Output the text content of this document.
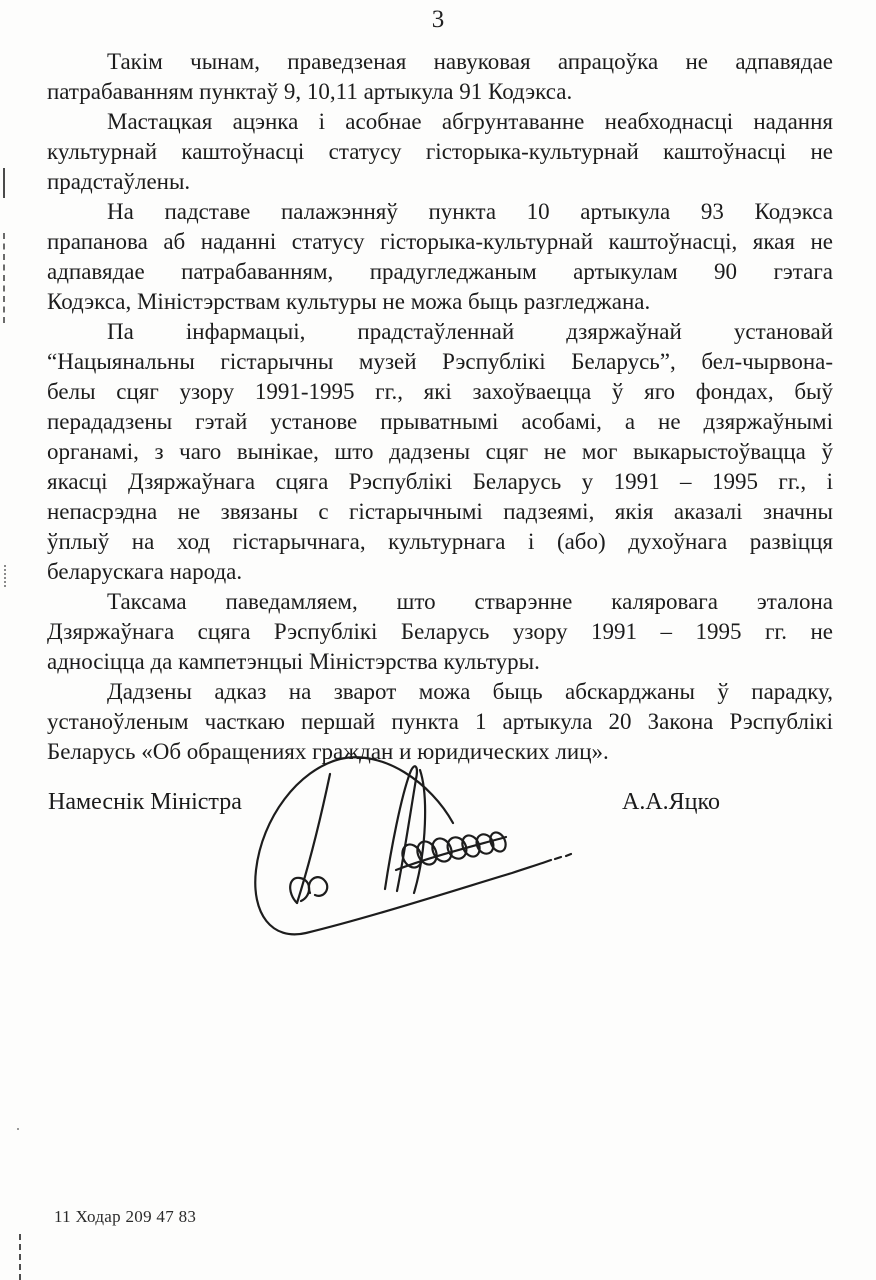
3
Такім чынам, праведзеная навуковая апрацоўка не адпавядае
патрабаванням пунктаў 9, 10,11 артыкула 91 Кодэкса.
Мастацкая ацэнка і асобнае абгрунтаванне неабходнасці надання
культурнай каштоўнасці статусу гісторыка-культурнай каштоўнасці не
прадстаўлены.
На падставе палажэнняў пункта 10 артыкула 93 Кодэкса
прапанова аб наданні статусу гісторыка-культурнай каштоўнасці, якая не
адпавядае патрабаванням, прадугледжаным артыкулам 90 гэтага
Кодэкса, Міністэрствам культуры не можа быць разгледжана.
Па інфармацыі, прадстаўленнай дзяржаўнай установай
“Нацыянальны гістарычны музей Рэспублікі Беларусь”, бел-чырвона-
белы сцяг узору 1991-1995 гг., які захоўваецца ў яго фондах, быў
перададзены гэтай установе прыватнымі асобамі, а не дзяржаўнымі
органамі, з чаго вынікае, што дадзены сцяг не мог выкарыстоўвацца ў
якасці Дзяржаўнага сцяга Рэспублікі Беларусь у 1991 – 1995 гг., і
непасрэдна не звязаны с гістарычнымі падзеямі, якія аказалі значны
ўплыў на ход гістарычнага, культурнага і (або) духоўнага развіцця
беларускага народа.
Таксама паведамляем, што стварэнне каляровага эталона
Дзяржаўнага сцяга Рэспублікі Беларусь узору 1991 – 1995 гг. не
адносіцца да кампетэнцыі Міністэрства культуры.
Дадзены адказ на зварот можа быць абскарджаны ў парадку,
устаноўленым часткаю першай пункта 1 артыкула 20 Закона Рэспублікі
Беларусь «Об обращениях граждан и юридических лиц».
Намеснік Міністра	А.А.Яцко
11 Ходар 209 47 83
